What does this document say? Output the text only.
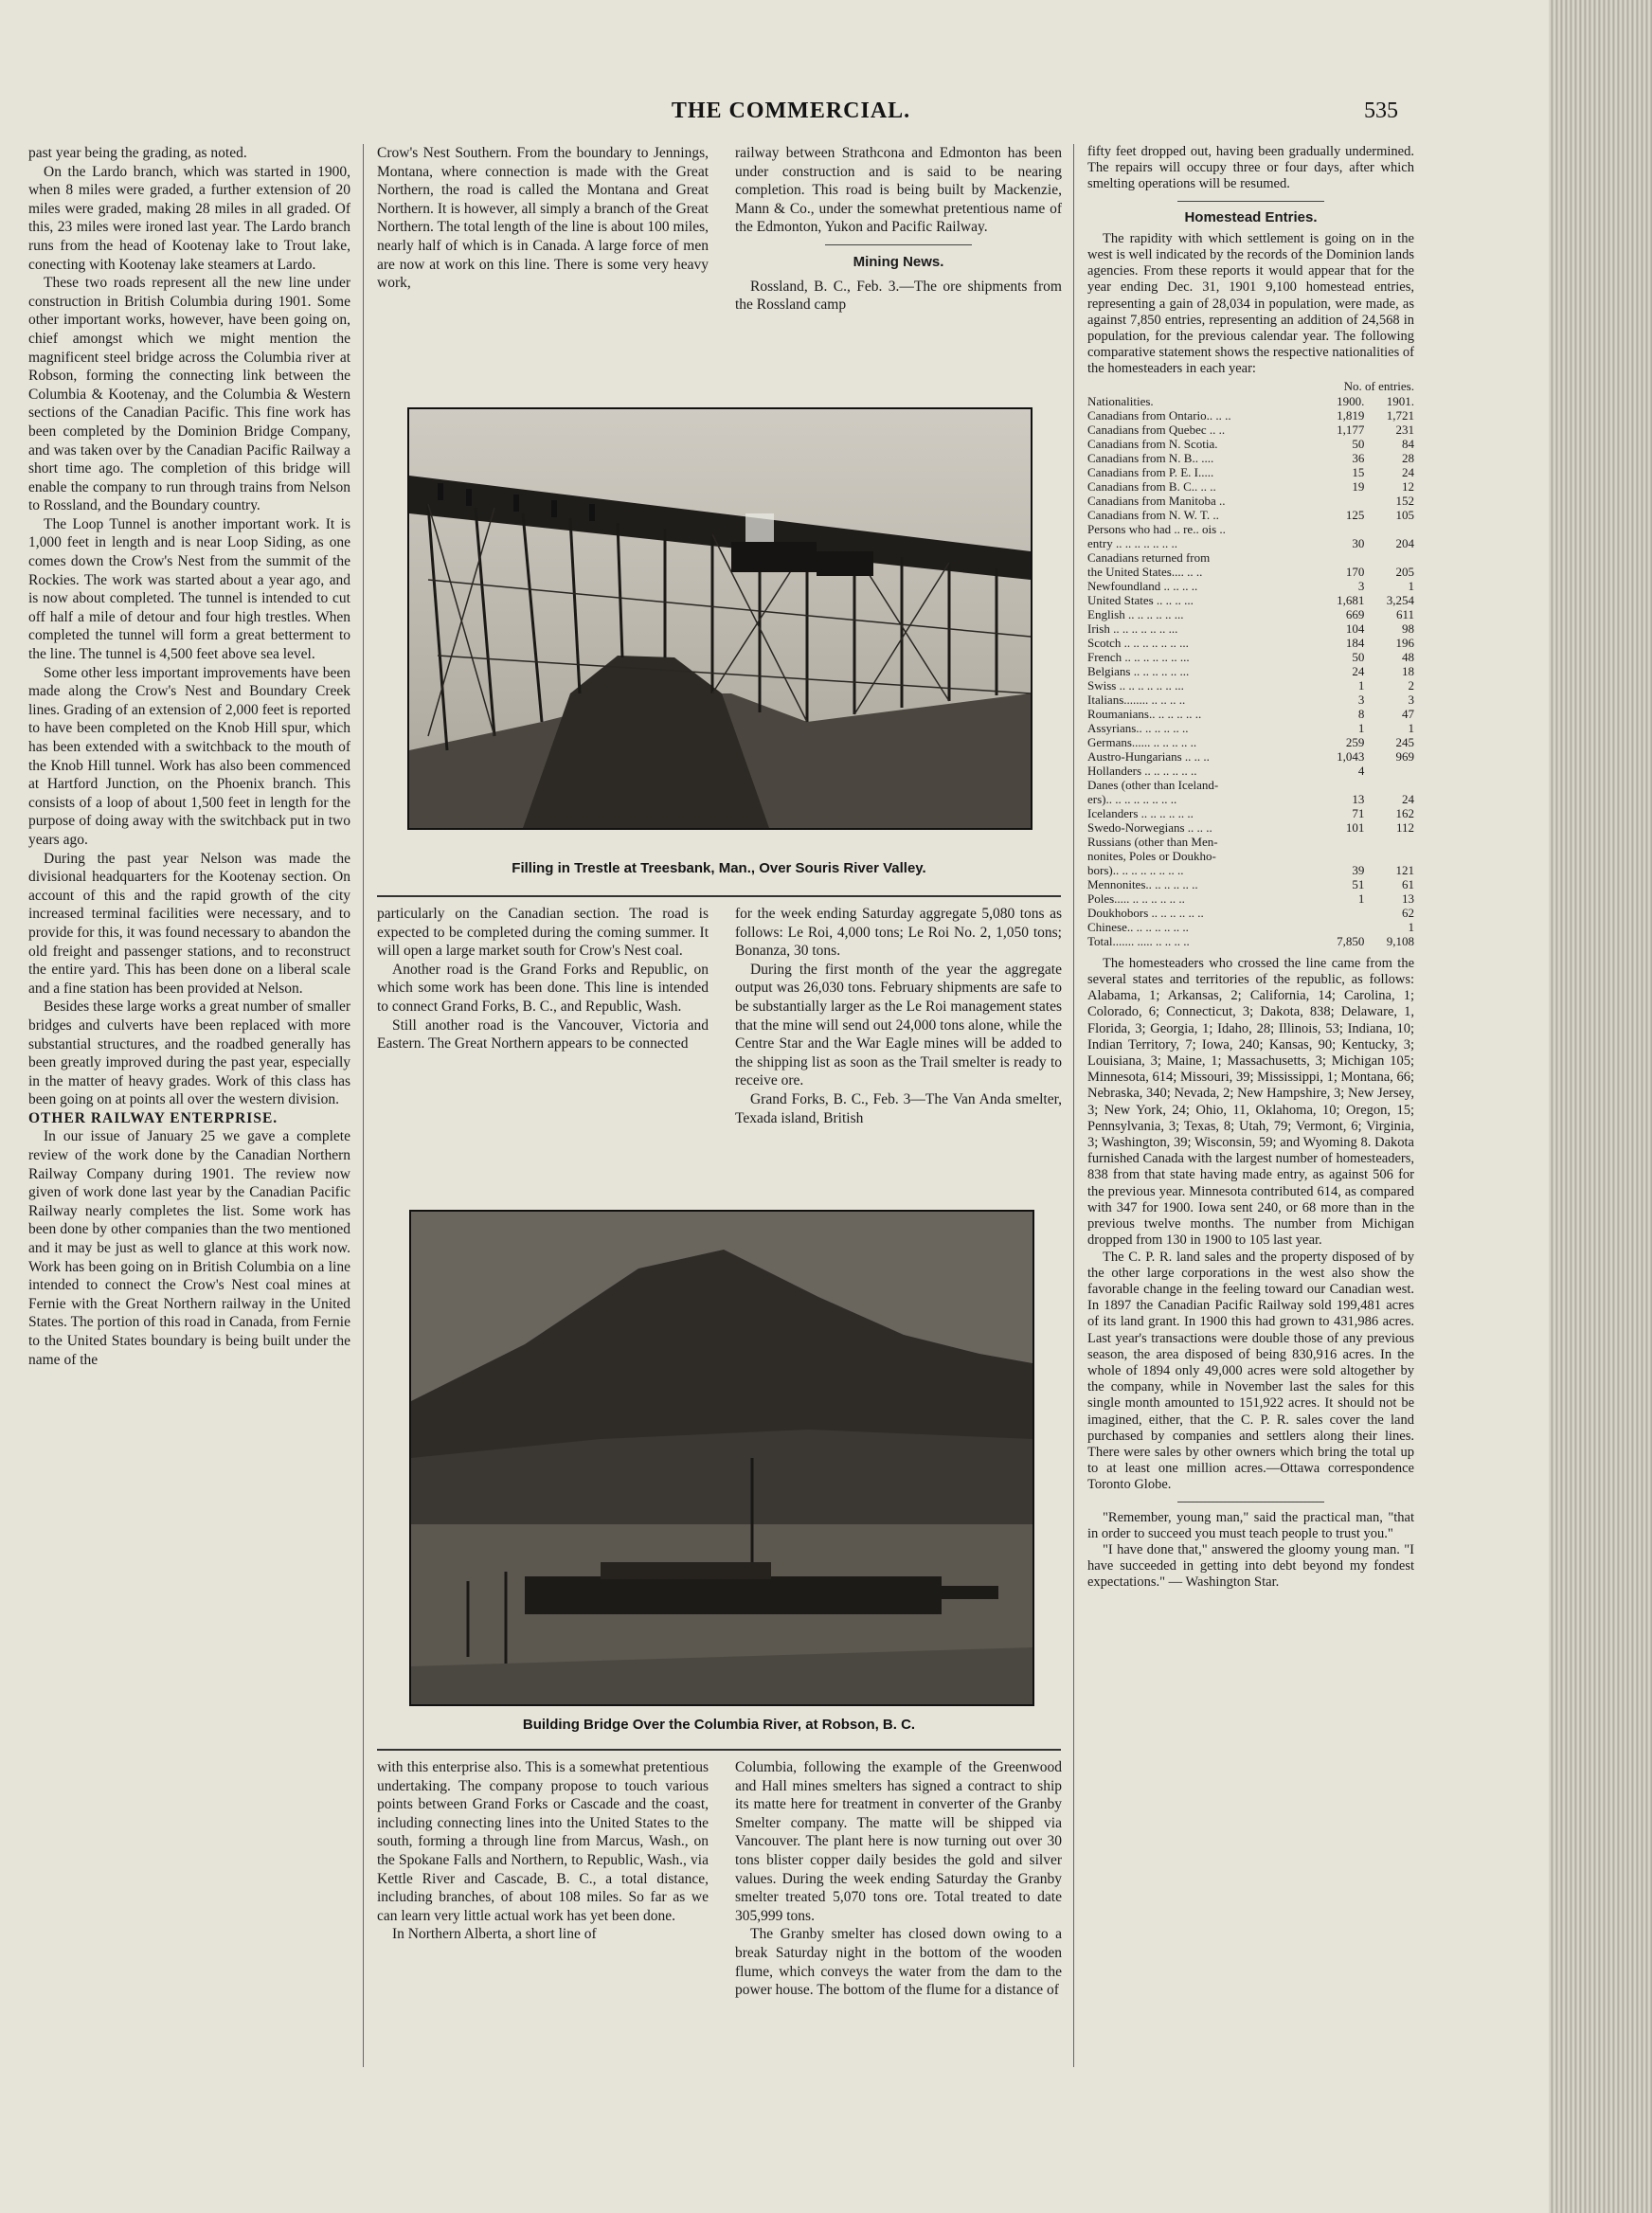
THE COMMERCIAL.	535

past year being the grading, as noted.

On the Lardo branch, which was started in 1900, when 8 miles were graded, a further extension of 20 miles were graded, making 28 miles in all graded. Of this, 23 miles were ironed last year. The Lardo branch runs from the head of Kootenay lake to Trout lake, conecting with Kootenay lake steamers at Lardo.

These two roads represent all the new line under construction in British Columbia during 1901. Some other important works, however, have been going on, chief amongst which we might mention the magnificent steel bridge across the Columbia river at Robson, forming the connecting link between the Columbia & Kootenay, and the Columbia & Western sections of the Canadian Pacific. This fine work has been completed by the Dominion Bridge Company, and was taken over by the Canadian Pacific Railway a short time ago. The completion of this bridge will enable the company to run through trains from Nelson to Rossland, and the Boundary country.

The Loop Tunnel is another important work. It is 1,000 feet in length and is near Loop Siding, as one comes down the Crow's Nest from the summit of the Rockies. The work was started about a year ago, and is now about completed. The tunnel is intended to cut off half a mile of detour and four high trestles. When completed the tunnel will form a great betterment to the line. The tunnel is 4,500 feet above sea level.

Some other less important improvements have been made along the Crow's Nest and Boundary Creek lines. Grading of an extension of 2,000 feet is reported to have been completed on the Knob Hill spur, which has been extended with a switchback to the mouth of the Knob Hill tunnel. Work has also been commenced at Hartford Junction, on the Phoenix branch. This consists of a loop of about 1,500 feet in length for the purpose of doing away with the switchback put in two years ago.

During the past year Nelson was made the divisional headquarters for the Kootenay section. On account of this and the rapid growth of the city increased terminal facilities were necessary, and to provide for this, it was found necessary to abandon the old freight and passenger stations, and to reconstruct the entire yard. This has been done on a liberal scale and a fine station has been provided at Nelson.

Besides these large works a great number of smaller bridges and culverts have been replaced with more substantial structures, and the roadbed generally has been greatly improved during the past year, especially in the matter of heavy grades. Work of this class has been going on at points all over the western division.

OTHER RAILWAY ENTERPRISE.

In our issue of January 25 we gave a complete review of the work done by the Canadian Northern Railway Company during 1901. The review now given of work done last year by the Canadian Pacific Railway nearly completes the list. Some work has been done by other companies than the two mentioned and it may be just as well to glance at this work now. Work has been going on in British Columbia on a line intended to connect the Crow's Nest coal mines at Fernie with the Great Northern railway in the United States. The portion of this road in Canada, from Fernie to the United States boundary is being built under the name of the

Crow's Nest Southern. From the boundary to Jennings, Montana, where connection is made with the Great Northern, the road is called the Montana and Great Northern. It is however, all simply a branch of the Great Northern. The total length of the line is about 100 miles, nearly half of which is in Canada. A large force of men are now at work on this line. There is some very heavy work,

railway between Strathcona and Edmonton has been under construction and is said to be nearing completion. This road is being built by Mackenzie, Mann & Co., under the somewhat pretentious name of the Edmonton, Yukon and Pacific Railway.

Mining News.

Rossland, B. C., Feb. 3.—The ore shipments from the Rossland camp

Filling in Trestle at Treesbank, Man., Over Souris River Valley.

particularly on the Canadian section. The road is expected to be completed during the coming summer. It will open a large market south for Crow's Nest coal.

Another road is the Grand Forks and Republic, on which some work has been done. This line is intended to connect Grand Forks, B. C., and Republic, Wash.

Still another road is the Vancouver, Victoria and Eastern. The Great Northern appears to be connected

for the week ending Saturday aggregate 5,080 tons as follows: Le Roi, 4,000 tons; Le Roi No. 2, 1,050 tons; Bonanza, 30 tons.

During the first month of the year the aggregate output was 26,030 tons. February shipments are safe to be substantially larger as the Le Roi management states that the mine will send out 24,000 tons alone, while the Centre Star and the War Eagle mines will be added to the shipping list as soon as the Trail smelter is ready to receive ore.

Grand Forks, B. C., Feb. 3—The Van Anda smelter, Texada island, British

Building Bridge Over the Columbia River, at Robson, B. C.

with this enterprise also. This is a somewhat pretentious undertaking. The company propose to touch various points between Grand Forks or Cascade and the coast, including connecting lines into the United States to the south, forming a through line from Marcus, Wash., on the Spokane Falls and Northern, to Republic, Wash., via Kettle River and Cascade, B. C., a total distance, including branches, of about 108 miles. So far as we can learn very little actual work has yet been done.

In Northern Alberta, a short line of

Columbia, following the example of the Greenwood and Hall mines smelters has signed a contract to ship its matte here for treatment in converter of the Granby Smelter company. The matte will be shipped via Vancouver. The plant here is now turning out over 30 tons blister copper daily besides the gold and silver values. During the week ending Saturday the Granby smelter treated 5,070 tons ore. Total treated to date 305,999 tons.

The Granby smelter has closed down owing to a break Saturday night in the bottom of the wooden flume, which conveys the water from the dam to the power house. The bottom of the flume for a distance of

fifty feet dropped out, having been gradually undermined. The repairs will occupy three or four days, after which smelting operations will be resumed.

Homestead Entries.

The rapidity with which settlement is going on in the west is well indicated by the records of the Dominion lands agencies. From these reports it would appear that for the year ending Dec. 31, 1901 9,100 homestead entries, representing a gain of 28,034 in population, were made, as against 7,850 entries, representing an addition of 24,568 in population, for the previous calendar year. The following comparative statement shows the respective nationalities of the homesteaders in each year:

No. of entries.
Nationalities.	1900.	1901.
Canadians from Ontario.. .. ..	1,819	1,721
Canadians from Quebec .. ..	1,177	231
Canadians from N. Scotia.	50	84
Canadians from N. B.. ....	36	28
Canadians from P. E. I.....	15	24
Canadians from B. C.. .. ..	19	12
Canadians from Manitoba ..		152
Canadians from N. W. T. ..	125	105
Persons who had .. re.. ois ..		
entry .. .. .. .. .. .. ..	30	204
Canadians returned from		
the United States.... .. ..	170	205
Newfoundland .. .. .. ..	3	1
United States .. .. .. ...	1,681	3,254
English .. .. .. .. .. ...	669	611
Irish .. .. .. .. .. .. ...	104	98
Scotch .. .. .. .. .. .. ...	184	196
French .. .. .. .. .. .. ...	50	48
Belgians .. .. .. .. .. ...	24	18
Swiss .. .. .. .. .. .. ...	1	2
Italians........ .. .. .. ..	3	3
Roumanians.. .. .. .. .. ..	8	47
Assyrians.. .. .. .. .. ..	1	1
Germans...... .. .. .. .. ..	259	245
Austro-Hungarians .. .. ..	1,043	969
Hollanders .. .. .. .. .. ..	4	
Danes (other than Iceland-		
ers).. .. .. .. .. .. .. ..	13	24
Icelanders .. .. .. .. .. ..	71	162
Swedo-Norwegians .. .. ..	101	112
Russians (other than Men-		
nonites, Poles or Doukho-		
bors).. .. .. .. .. .. .. ..	39	121
Mennonites.. .. .. .. .. ..	51	61
Poles..... .. .. .. .. .. ..	1	13
Doukhobors .. .. .. .. .. ..		62
Chinese.. .. .. .. .. .. ..		1
Total....... ..... .. .. .. ..	7,850	9,108

The homesteaders who crossed the line came from the several states and territories of the republic, as follows: Alabama, 1; Arkansas, 2; California, 14; Carolina, 1; Colorado, 6; Connecticut, 3; Dakota, 838; Delaware, 1, Florida, 3; Georgia, 1; Idaho, 28; Illinois, 53; Indiana, 10; Indian Territory, 7; Iowa, 240; Kansas, 90; Kentucky, 3; Louisiana, 3; Maine, 1; Massachusetts, 3; Michigan 105; Minnesota, 614; Missouri, 39; Mississippi, 1; Montana, 66; Nebraska, 340; Nevada, 2; New Hampshire, 3; New Jersey, 3; New York, 24; Ohio, 11, Oklahoma, 10; Oregon, 15; Pennsylvania, 3; Texas, 8; Utah, 79; Vermont, 6; Virginia, 3; Washington, 39; Wisconsin, 59; and Wyoming 8. Dakota furnished Canada with the largest number of homesteaders, 838 from that state having made entry, as against 506 for the previous year. Minnesota contributed 614, as compared with 347 for 1900. Iowa sent 240, or 68 more than in the previous twelve months. The number from Michigan dropped from 130 in 1900 to 105 last year.

The C. P. R. land sales and the property disposed of by the other large corporations in the west also show the favorable change in the feeling toward our Canadian west. In 1897 the Canadian Pacific Railway sold 199,481 acres of its land grant. In 1900 this had grown to 431,986 acres. Last year's transactions were double those of any previous season, the area disposed of being 830,916 acres. In the whole of 1894 only 49,000 acres were sold altogether by the company, while in November last the sales for this single month amounted to 151,922 acres. It should not be imagined, either, that the C. P. R. sales cover the land purchased by companies and settlers along their lines. There were sales by other owners which bring the total up to at least one million acres.—Ottawa correspondence Toronto Globe.

"Remember, young man," said the practical man, "that in order to succeed you must teach people to trust you."

"I have done that," answered the gloomy young man. "I have succeeded in getting into debt beyond my fondest expectations." — Washington Star.
